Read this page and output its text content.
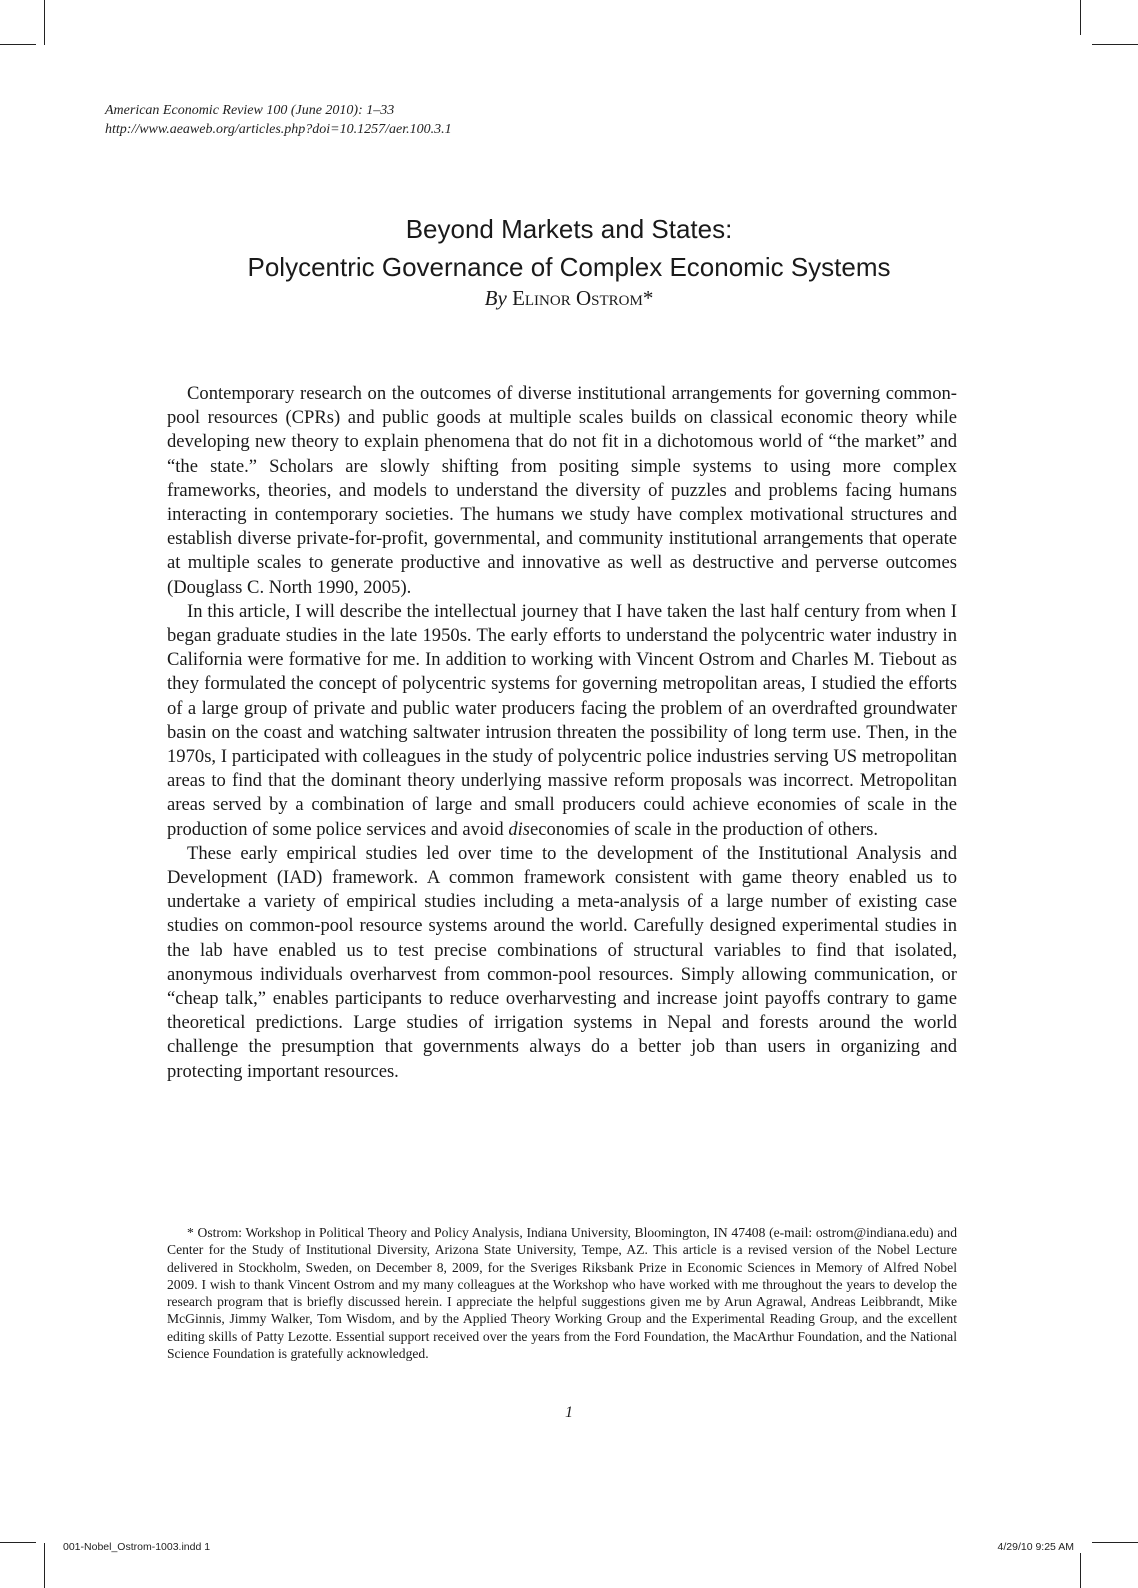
American Economic Review 100 (June 2010): 1–33
http://www.aeaweb.org/articles.php?doi=10.1257/aer.100.3.1
Beyond Markets and States:
Polycentric Governance of Complex Economic Systems
By Elinor Ostrom*

Contemporary research on the outcomes of diverse institutional arrangements for governing common-pool resources (CPRs) and public goods at multiple scales builds on classical economic theory while developing new theory to explain phenomena that do not fit in a dichotomous world of “the market” and “the state.” Scholars are slowly shifting from positing simple systems to using more complex frameworks, theories, and models to understand the diversity of puzzles and problems facing humans interacting in contemporary societies. The humans we study have complex motivational structures and establish diverse private-for-profit, governmental, and community institutional arrangements that operate at multiple scales to generate productive and innovative as well as destructive and perverse outcomes (Douglass C. North 1990, 2005).

In this article, I will describe the intellectual journey that I have taken the last half century from when I began graduate studies in the late 1950s. The early efforts to understand the polycentric water industry in California were formative for me. In addition to working with Vincent Ostrom and Charles M. Tiebout as they formulated the concept of polycentric systems for governing metropolitan areas, I studied the efforts of a large group of private and public water producers facing the problem of an overdrafted groundwater basin on the coast and watching saltwater intrusion threaten the possibility of long term use. Then, in the 1970s, I participated with colleagues in the study of polycentric police industries serving US metropolitan areas to find that the dominant theory underlying massive reform proposals was incorrect. Metropolitan areas served by a combination of large and small producers could achieve economies of scale in the production of some police services and avoid diseconomies of scale in the production of others.

These early empirical studies led over time to the development of the Institutional Analysis and Development (IAD) framework. A common framework consistent with game theory enabled us to undertake a variety of empirical studies including a meta-analysis of a large number of existing case studies on common-pool resource systems around the world. Carefully designed experimental studies in the lab have enabled us to test precise combinations of structural variables to find that isolated, anonymous individuals overharvest from common-pool resources. Simply allowing communication, or “cheap talk,” enables participants to reduce overharvesting and increase joint payoffs contrary to game theoretical predictions. Large studies of irrigation systems in Nepal and forests around the world challenge the presumption that governments always do a better job than users in organizing and protecting important resources.

* Ostrom: Workshop in Political Theory and Policy Analysis, Indiana University, Bloomington, IN 47408 (e-mail: ostrom@indiana.edu) and Center for the Study of Institutional Diversity, Arizona State University, Tempe, AZ. This article is a revised version of the Nobel Lecture delivered in Stockholm, Sweden, on December 8, 2009, for the Sveriges Riksbank Prize in Economic Sciences in Memory of Alfred Nobel 2009. I wish to thank Vincent Ostrom and my many colleagues at the Workshop who have worked with me throughout the years to develop the research program that is briefly discussed herein. I appreciate the helpful suggestions given me by Arun Agrawal, Andreas Leibbrandt, Mike McGinnis, Jimmy Walker, Tom Wisdom, and by the Applied Theory Working Group and the Experimental Reading Group, and the excellent editing skills of Patty Lezotte. Essential support received over the years from the Ford Foundation, the MacArthur Foundation, and the National Science Foundation is gratefully acknowledged.

1
001-Nobel_Ostrom-1003.indd 1	4/29/10 9:25 AM
